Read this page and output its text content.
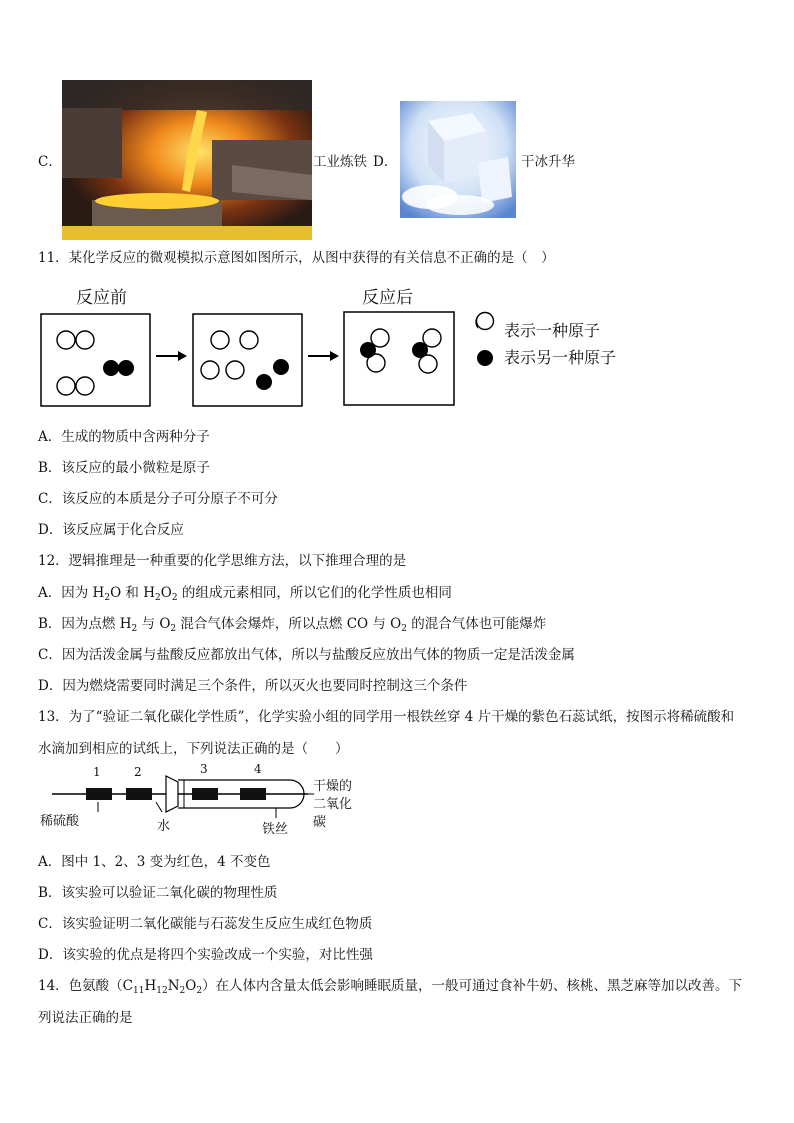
C．	工业炼铁 D．	干冰升华
11．某化学反应的微观模拟示意图如图所示，从图中获得的有关信息不正确的是（　）
反应前	反应后
表示一种原子
表示另一种原子
A．生成的物质中含两种分子
B．该反应的最小微粒是原子
C．该反应的本质是分子可分原子不可分
D．该反应属于化合反应
12．逻辑推理是一种重要的化学思维方法，以下推理合理的是
A．因为 $H_2O$ 和 $H_2O_2$ 的组成元素相同，所以它们的化学性质也相同
B．因为点燃 $H_2$ 与 $O_2$ 混合气体会爆炸，所以点燃 CO 与 $O_2$ 的混合气体也可能爆炸
C．因为活泼金属与盐酸反应都放出气体，所以与盐酸反应放出气体的物质一定是活泼金属
D．因为燃烧需要同时满足三个条件，所以灭火也要同时控制这三个条件
13．为了“验证二氧化碳化学性质”，化学实验小组的同学用一根铁丝穿 4 片干燥的紫色石蕊试纸，按图示将稀硫酸和
水滴加到相应的试纸上，下列说法正确的是（　　）
1	2	3	4
稀硫酸	水	铁丝
干燥的
二氧化
碳
A．图中 1、2、3 变为红色，4 不变色
B．该实验可以验证二氧化碳的物理性质
C．该实验证明二氧化碳能与石蕊发生反应生成红色物质
D．该实验的优点是将四个实验改成一个实验，对比性强
14．色氨酸$(C_{11}H_{12}N_2O_2)$在人体内含量太低会影响睡眠质量，一般可通过食补牛奶、核桃、黑芝麻等加以改善。下
列说法正确的是
